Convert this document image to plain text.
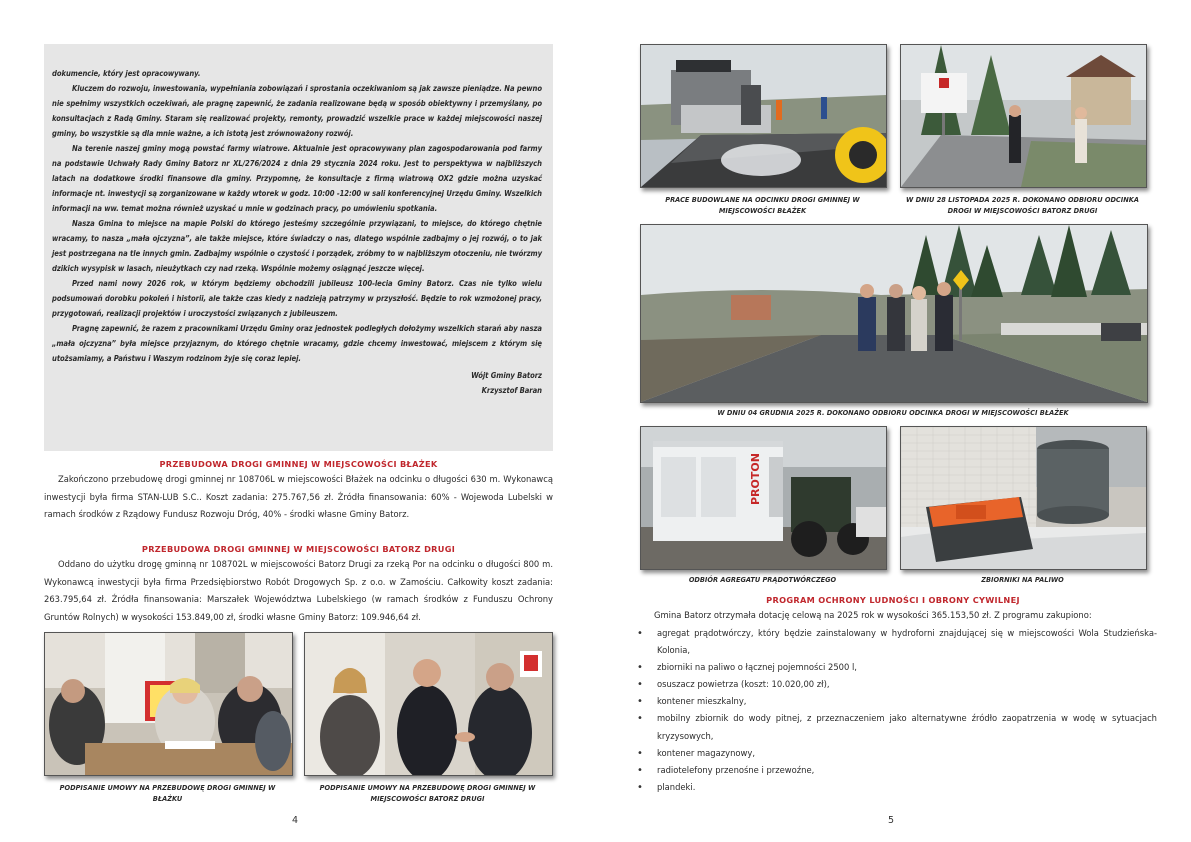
dokumencie, który jest opracowywany.

Kluczem do rozwoju, inwestowania, wypełniania zobowiązań i sprostania oczekiwaniom są jak zawsze pieniądze. Na pewno nie spełnimy wszystkich oczekiwań, ale pragnę zapewnić, że zadania realizowane będą w sposób obiektywny i przemyślany, po konsultacjach z Radą Gminy. Staram się realizować projekty, remonty, prowadzić wszelkie prace w każdej miejscowości naszej gminy, bo wszystkie są dla mnie ważne, a ich istotą jest zrównoważony rozwój.

Na terenie naszej gminy mogą powstać farmy wiatrowe. Aktualnie jest opracowywany plan zagospodarowania pod farmy na podstawie Uchwały Rady Gminy Batorz nr XL/276/2024 z dnia 29 stycznia 2024 roku. Jest to perspektywa w najbliższych latach na dodatkowe środki finansowe dla gminy. Przypomnę, że konsultacje z firmą wiatrową OX2 gdzie można uzyskać informacje nt. inwestycji są zorganizowane w każdy wtorek w godz. 10:00 -12:00 w sali konferencyjnej Urzędu Gminy. Wszelkich informacji na ww. temat można również uzyskać u mnie w godzinach pracy, po umówieniu spotkania.

Nasza Gmina to miejsce na mapie Polski do którego jesteśmy szczególnie przywiązani, to miejsce, do którego chętnie wracamy, to nasza „mała ojczyzna”, ale także miejsce, które świadczy o nas, dlatego wspólnie zadbajmy o jej rozwój, o to jak jest postrzegana na tle innych gmin. Zadbajmy wspólnie o czystość i porządek, zróbmy to w najbliższym otoczeniu, nie twórzmy dzikich wysypisk w lasach, nieużytkach czy nad rzeką. Wspólnie możemy osiągnąć jeszcze więcej.

Przed nami nowy 2026 rok, w którym będziemy obchodzili jubileusz 100-lecia Gminy Batorz. Czas nie tylko wielu podsumowań dorobku pokoleń i historii, ale także czas kiedy z nadzieją patrzymy w przyszłość. Będzie to rok wzmożonej pracy, przygotowań, realizacji projektów i uroczystości związanych z jubileuszem.

Pragnę zapewnić, że razem z pracownikami Urzędu Gminy oraz jednostek podległych dołożymy wszelkich starań aby nasza „mała ojczyzna” była miejsce przyjaznym, do którego chętnie wracamy, gdzie chcemy inwestować, miejscem z którym się utożsamiamy, a Państwu i Waszym rodzinom żyje się coraz lepiej.

Wójt Gminy Batorz

Krzysztof Baran

PRZEBUDOWA DROGI GMINNEJ W MIEJSCOWOŚCI BŁAŻEK
Zakończono przebudowę drogi gminnej nr 108706L w miejscowości Błażek na odcinku o długości 630 m. Wykonawcą inwestycji była firma STAN-LUB S.C.. Koszt zadania: 275.767,56 zł. Źródła finansowania: 60% - Wojewoda Lubelski w ramach środków z Rządowy Fundusz Rozwoju Dróg, 40% - środki własne Gminy Batorz.
PRZEBUDOWA DROGI GMINNEJ W MIEJSCOWOŚCI BATORZ DRUGI
Oddano do użytku drogę gminną nr 108702L w miejscowości Batorz Drugi za rzeką Por na odcinku o długości 800 m. Wykonawcą inwestycji była firma Przedsiębiorstwo Robót Drogowych Sp. z o.o. w Zamościu. Całkowity koszt zadania: 263.795,64 zł. Źródła finansowania: Marszałek Województwa Lubelskiego (w ramach środków z Funduszu Ochrony Gruntów Rolnych) w wysokości 153.849,00 zł, środki własne Gminy Batorz: 109.946,64 zł.
PODPISANIE UMOWY NA PRZEBUDOWĘ DROGI GMINNEJ W BŁAŻKU
PODPISANIE UMOWY NA PRZEBUDOWĘ DROGI GMINNEJ W MIEJSCOWOŚCI BATORZ DRUGI
4
PRACE BUDOWLANE NA ODCINKU DROGI GMINNEJ W MIEJSCOWOŚCI BŁAŻEK
W DNIU 28 LISTOPADA 2025 R. DOKONANO ODBIORU ODCINKA DROGI W MIEJSCOWOŚCI BATORZ DRUGI
W DNIU 04 GRUDNIA 2025 R. DOKONANO ODBIORU ODCINKA DROGI W MIEJSCOWOŚCI BŁAŻEK
PROTON
ODBIÓR AGREGATU PRĄDOTWÓRCZEGO	ZBIORNIKI NA PALIWO
PROGRAM OCHRONY LUDNOŚCI I OBRONY CYWILNEJ
Gmina Batorz otrzymała dotację celową na 2025 rok w wysokości 365.153,50 zł. Z programu zakupiono:
• agregat prądotwórczy, który będzie zainstalowany w hydroforni znajdującej się w miejscowości Wola Studzieńska-Kolonia,
• zbiorniki na paliwo o łącznej pojemności 2500 l,
• osuszacz powietrza (koszt: 10.020,00 zł),
• kontener mieszkalny,
• mobilny zbiornik do wody pitnej, z przeznaczeniem jako alternatywne źródło zaopatrzenia w wodę w sytuacjach kryzysowych,
• kontener magazynowy,
• radiotelefony przenośne i przewoźne,
• plandeki.
5
